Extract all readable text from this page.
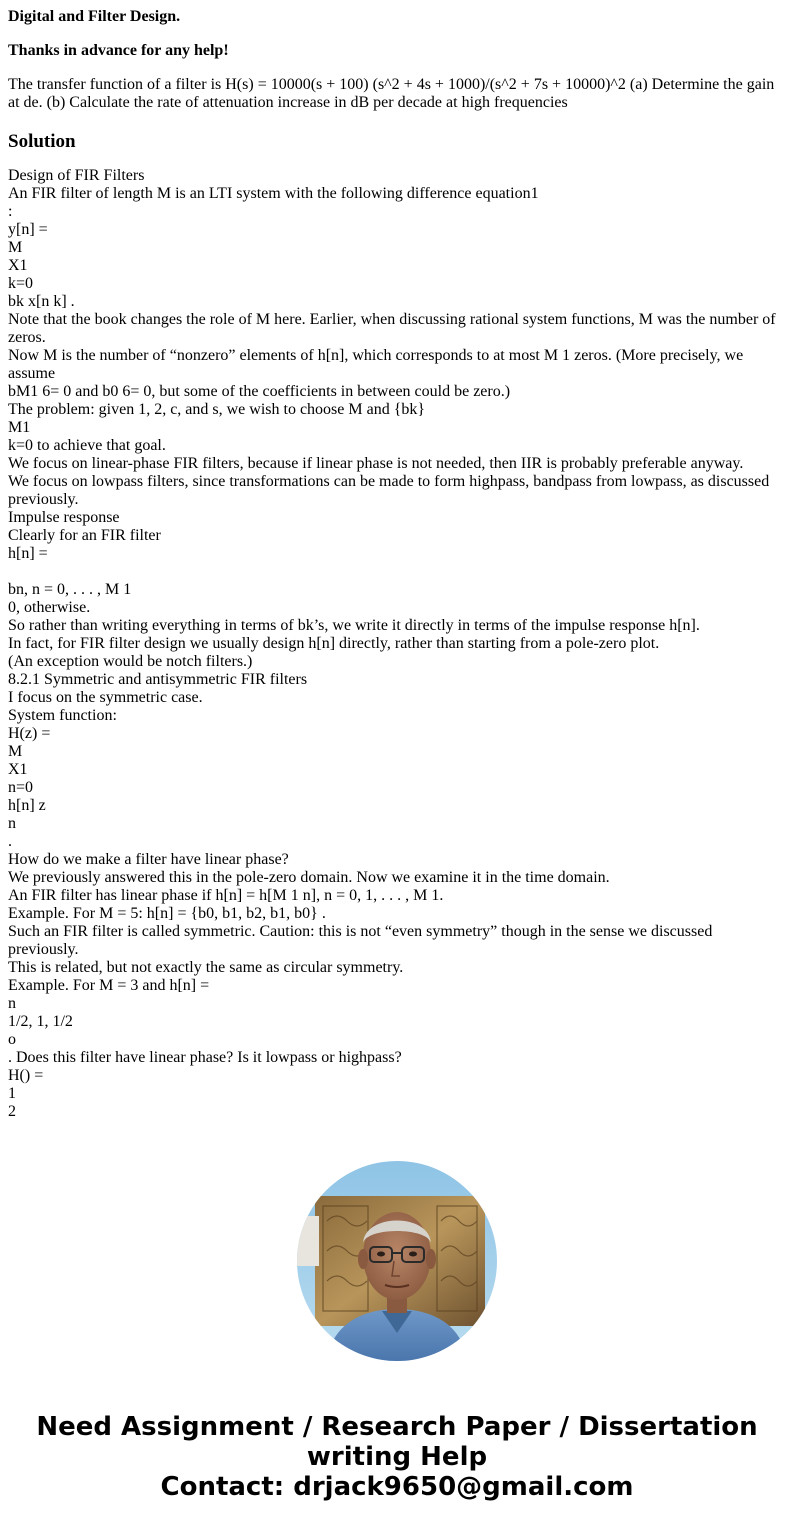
Digital and Filter Design.
Thanks in advance for any help!
The transfer function of a filter is H(s) = 10000(s + 100) (s^2 + 4s + 1000)/(s^2 + 7s + 10000)^2 (a) Determine the gain at de. (b) Calculate the rate of attenuation increase in dB per decade at high frequencies
Solution
Design of FIR Filters
An FIR filter of length M is an LTI system with the following difference equation1
:
y[n] =
M
X1
k=0
bk x[n k] .
Note that the book changes the role of M here. Earlier, when discussing rational system functions, M was the number of zeros.
Now M is the number of “nonzero” elements of h[n], which corresponds to at most M 1 zeros. (More precisely, we assume
bM1 6= 0 and b0 6= 0, but some of the coefficients in between could be zero.)
The problem: given 1, 2, c, and s, we wish to choose M and {bk}
M1
k=0 to achieve that goal.
We focus on linear-phase FIR filters, because if linear phase is not needed, then IIR is probably preferable anyway.
We focus on lowpass filters, since transformations can be made to form highpass, bandpass from lowpass, as discussed previously.
Impulse response
Clearly for an FIR filter
h[n] =
bn, n = 0, . . . , M 1
0, otherwise.
So rather than writing everything in terms of bk’s, we write it directly in terms of the impulse response h[n].
In fact, for FIR filter design we usually design h[n] directly, rather than starting from a pole-zero plot.
(An exception would be notch filters.)
8.2.1 Symmetric and antisymmetric FIR filters
I focus on the symmetric case.
System function:
H(z) =
M
X1
n=0
h[n] z
n
.
How do we make a filter have linear phase?
We previously answered this in the pole-zero domain. Now we examine it in the time domain.
An FIR filter has linear phase if h[n] = h[M 1 n], n = 0, 1, . . . , M 1.
Example. For M = 5: h[n] = {b0, b1, b2, b1, b0} .
Such an FIR filter is called symmetric. Caution: this is not “even symmetry” though in the sense we discussed previously.
This is related, but not exactly the same as circular symmetry.
Example. For M = 3 and h[n] =
n
1/2, 1, 1/2
o
. Does this filter have linear phase? Is it lowpass or highpass?
H() =
1
2
Need Assignment / Research Paper / Dissertation
writing Help
Contact: drjack9650@gmail.com
